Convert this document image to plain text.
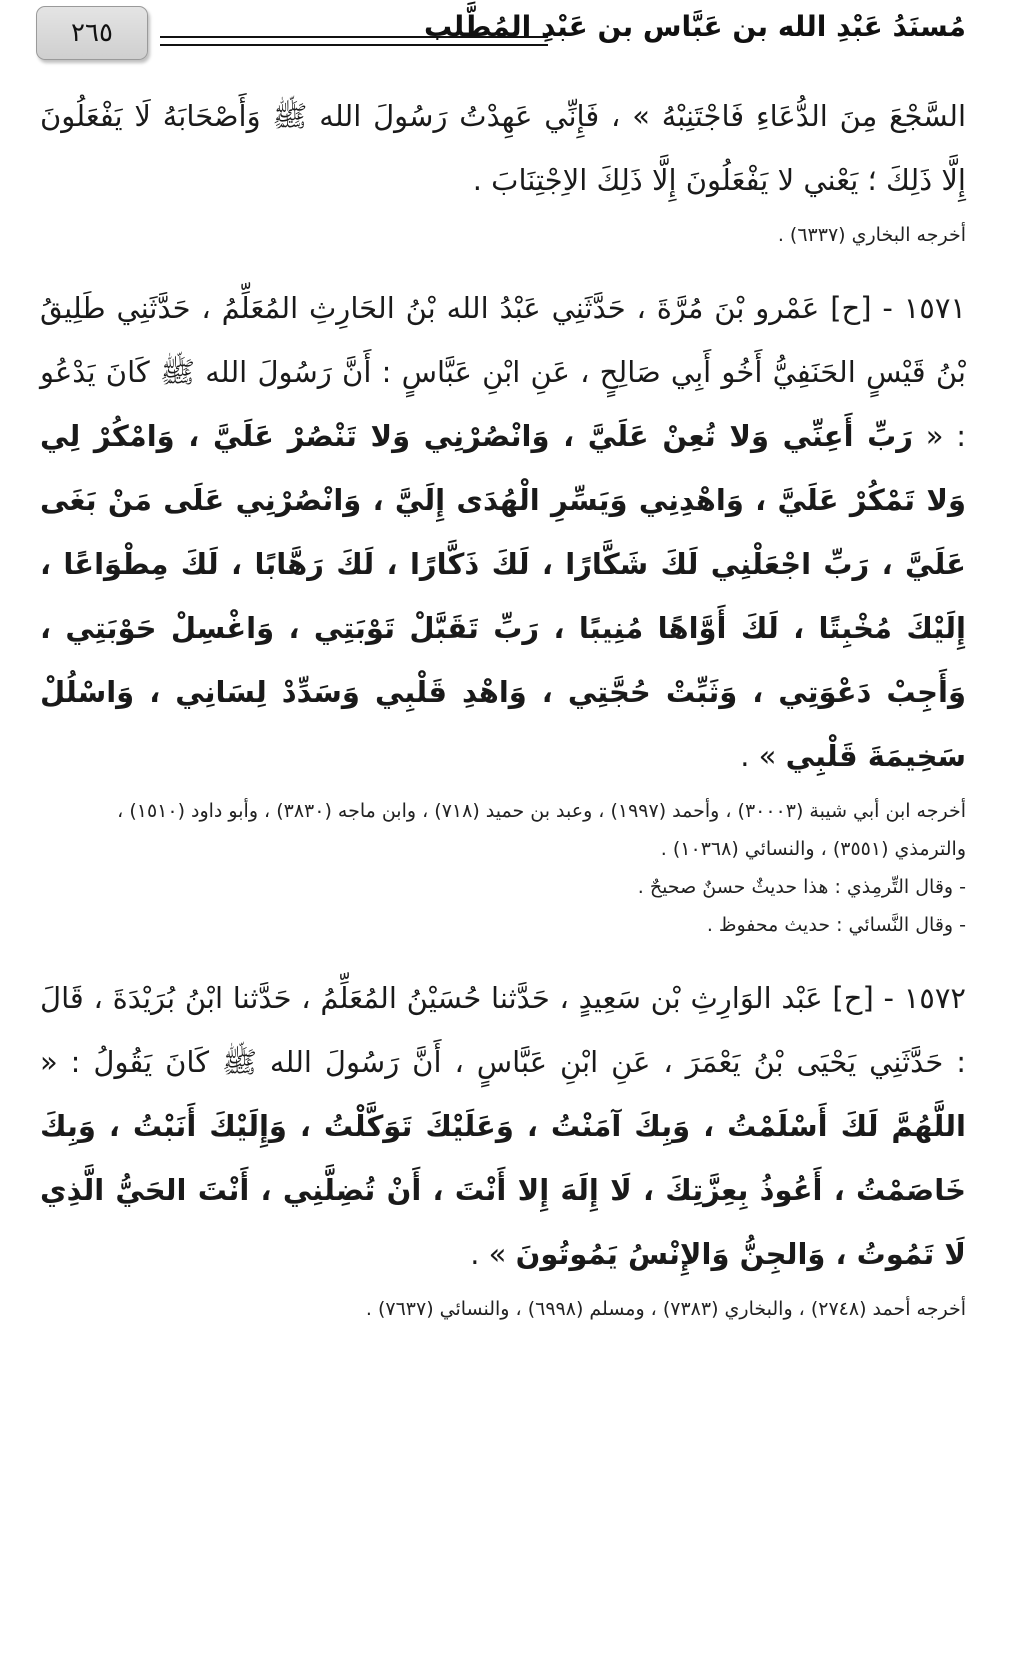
٢٦٥	مُسنَدُ عَبْدِ الله بن عَبَّاس بن عَبْدِ المُطَّلب

السَّجْعَ مِنَ الدُّعَاءِ فَاجْتَنِبْهُ » ، فَإِنِّي عَهِدْتُ رَسُولَ الله ﷺ وَأَصْحَابَهُ لَا يَفْعَلُونَ إِلَّا ذَلِكَ ؛ يَعْني لا يَفْعَلُونَ إِلَّا ذَلِكَ الاِجْتِنَابَ .

أخرجه البخاري (٦٣٣٧) .

١٥٧١ - [ح] عَمْرو بْنَ مُرَّةَ ، حَدَّثَنِي عَبْدُ الله بْنُ الحَارِثِ المُعَلِّمُ ، حَدَّثَنِي طَلِيقُ بْنُ قَيْسٍ الحَنَفِيُّ أَخُو أَبِي صَالِحٍ ، عَنِ ابْنِ عَبَّاسٍ : أَنَّ رَسُولَ الله ﷺ كَانَ يَدْعُو : « رَبِّ أَعِنِّي وَلا تُعِنْ عَلَيَّ ، وَانْصُرْنِي وَلا تَنْصُرْ عَلَيَّ ، وَامْكُرْ لِي وَلا تَمْكُرْ عَلَيَّ ، وَاهْدِنِي وَيَسِّرِ الْهُدَى إِلَيَّ ، وَانْصُرْنِي عَلَى مَنْ بَغَى عَلَيَّ ، رَبِّ اجْعَلْنِي لَكَ شَكَّارًا ، لَكَ ذَكَّارًا ، لَكَ رَهَّابًا ، لَكَ مِطْوَاعًا ، إِلَيْكَ مُخْبِتًا ، لَكَ أَوَّاهًا مُنِيبًا ، رَبِّ تَقَبَّلْ تَوْبَتِي ، وَاغْسِلْ حَوْبَتِي ، وَأَجِبْ دَعْوَتِي ، وَثَبِّتْ حُجَّتِي ، وَاهْدِ قَلْبِي وَسَدِّدْ لِسَانِي ، وَاسْلُلْ سَخِيمَةَ قَلْبِي » .

أخرجه ابن أبي شيبة (٣٠٠٠٣) ، وأحمد (١٩٩٧) ، وعبد بن حميد (٧١٨) ، وابن ماجه (٣٨٣٠) ، وأبو داود (١٥١٠) ، والترمذي (٣٥٥١) ، والنسائي (١٠٣٦٨) .

- وقال التِّرمِذي : هذا حديثٌ حسنٌ صحيحٌ .

- وقال النَّسائي : حديث محفوظ .

١٥٧٢ - [ح] عَبْد الوَارِثِ بْن سَعِيدٍ ، حَدَّثنا حُسَيْنُ المُعَلِّمُ ، حَدَّثنا ابْنُ بُرَيْدَةَ ، قَالَ : حَدَّثَنِي يَحْيَى بْنُ يَعْمَرَ ، عَنِ ابْنِ عَبَّاسٍ ، أَنَّ رَسُولَ الله ﷺ كَانَ يَقُولُ : « اللَّهُمَّ لَكَ أَسْلَمْتُ ، وَبِكَ آمَنْتُ ، وَعَلَيْكَ تَوَكَّلْتُ ، وَإِلَيْكَ أَنَبْتُ ، وَبِكَ خَاصَمْتُ ، أَعُوذُ بِعِزَّتِكَ ، لَا إِلَهَ إِلا أَنْتَ ، أَنْ تُضِلَّنِي ، أَنْتَ الحَيُّ الَّذِي لَا تَمُوتُ ، وَالجِنُّ وَالإِنْسُ يَمُوتُونَ » .

أخرجه أحمد (٢٧٤٨) ، والبخاري (٧٣٨٣) ، ومسلم (٦٩٩٨) ، والنسائي (٧٦٣٧) .
